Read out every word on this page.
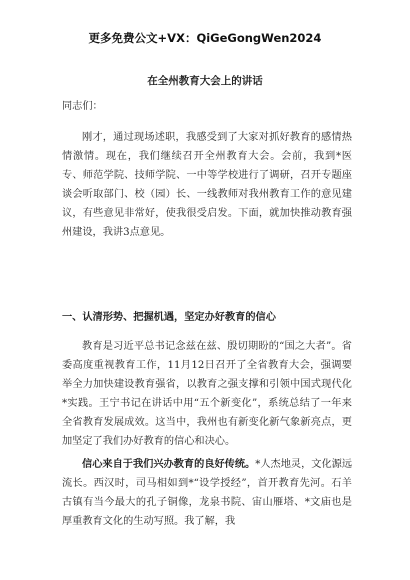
更多免费公文+VX：QiGeGongWen2024
在全州教育大会上的讲话
同志们：
刚才，通过现场述职，我感受到了大家对抓好教育的感情热情激情。现在，我们继续召开全州教育大会。会前，我到*医专、师范学院、技师学院、一中等学校进行了调研，召开专题座谈会听取部门、校（园）长、一线教师对我州教育工作的意见建议，有些意见非常好，使我很受启发。下面，就加快推动教育强州建设，我讲3点意见。
一、认清形势、把握机遇，坚定办好教育的信心
教育是习近平总书记念兹在兹、殷切期盼的“国之大者”。省委高度重视教育工作，11月12日召开了全省教育大会，强调要举全力加快建设教育强省，以教育之强支撑和引领中国式现代化*实践。王宁书记在讲话中用“五个新变化”，系统总结了一年来全省教育发展成效。这当中，我州也有新变化新气象新亮点，更加坚定了我们办好教育的信心和决心。
信心来自于我们兴办教育的良好传统。*人杰地灵，文化源远流长。西汉时，司马相如到*“设学授经”，首开教育先河。石羊古镇有当今最大的孔子铜像，龙泉书院、宙山雁塔、*文庙也是厚重教育文化的生动写照。我了解，我
